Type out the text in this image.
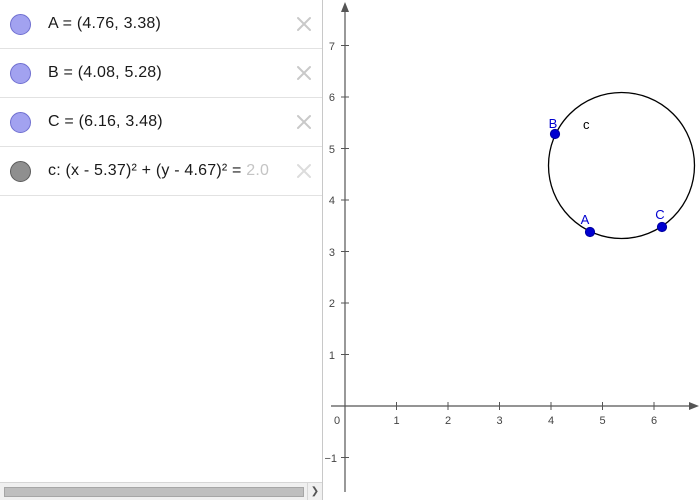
A = (4.76, 3.38)
B = (4.08, 5.28)
C = (6.16, 3.48)
c: (x - 5.37)² + (y - 4.67)² = 2.0
❯
1	2	3	4	5	6
0
7
6
5
4
3
2
1
−1
c
A
B
C
